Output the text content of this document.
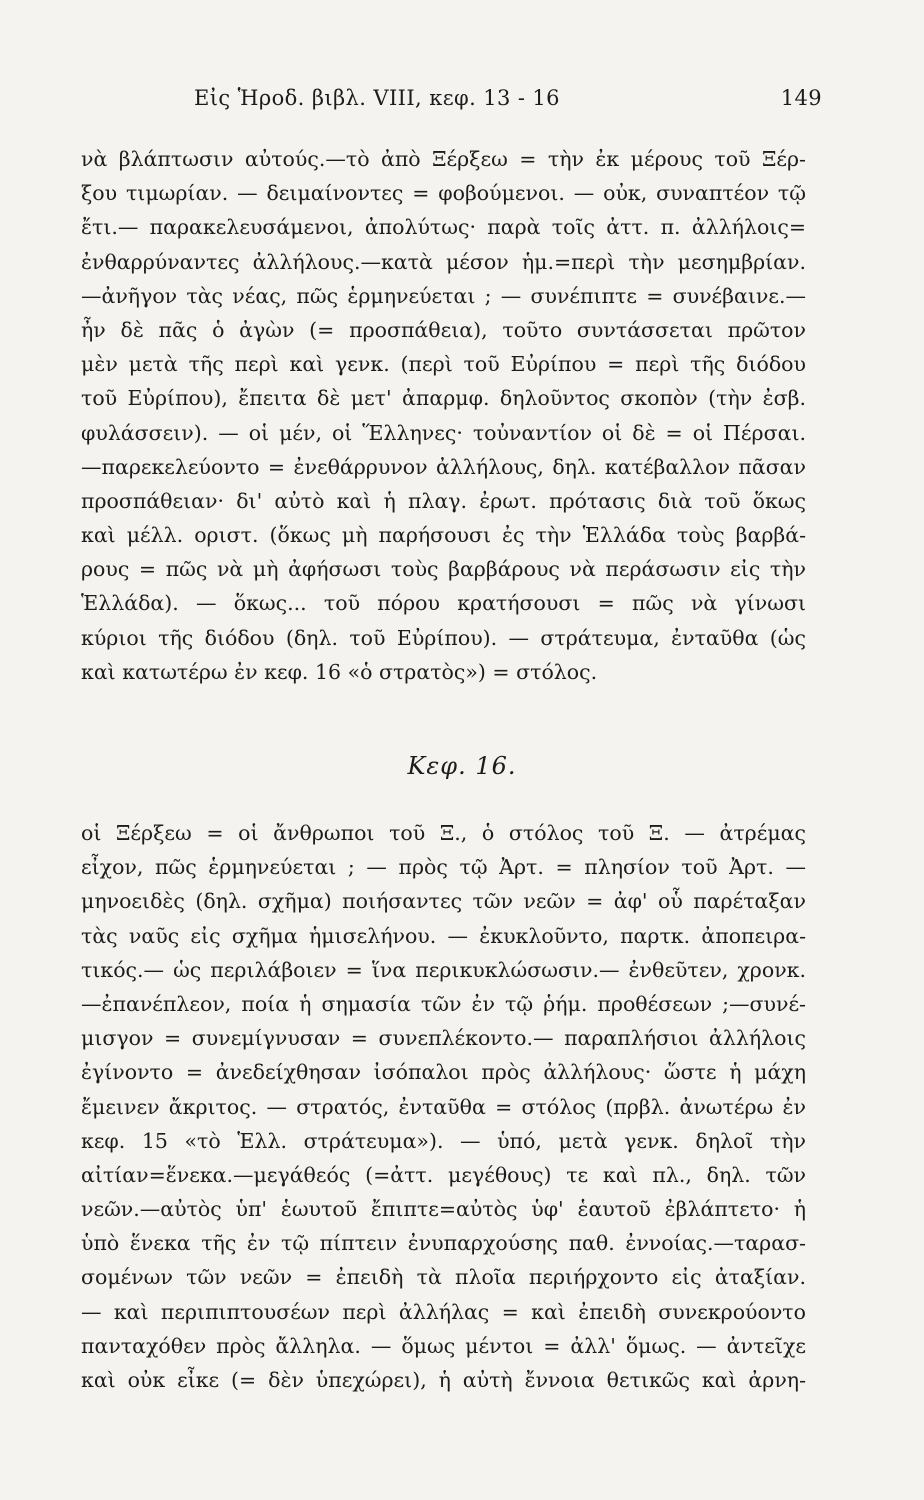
Εἰς Ἡροδ. βιβλ. VIII, κεφ. 13 - 16	149
νὰ βλάπτωσιν αὐτούς.—τὸ ἀπὸ Ξέρξεω = τὴν ἐκ μέρους τοῦ Ξέρ-
ξου τιμωρίαν. — δειμαίνοντες = φοβούμενοι. — οὐκ, συναπτέον τῷ
ἔτι.— παρακελευσάμενοι, ἀπολύτως· παρὰ τοῖς ἀττ. π. ἀλλήλοις=
ἐνθαρρύναντες ἀλλήλους.—κατὰ μέσον ἡμ.=περὶ τὴν μεσημβρίαν.
—ἀνῆγον τὰς νέας, πῶς ἑρμηνεύεται ; — συνέπιπτε = συνέβαινε.—
ἦν δὲ πᾶς ὁ ἀγὼν (= προσπάθεια), τοῦτο συντάσσεται πρῶτον
μὲν μετὰ τῆς περὶ καὶ γενκ. (περὶ τοῦ Εὐρίπου = περὶ τῆς διόδου
τοῦ Εὐρίπου), ἔπειτα δὲ μετ' ἀπαρμφ. δηλοῦντος σκοπὸν (τὴν ἐσβ.
φυλάσσειν). — οἱ μέν, οἱ Ἕλληνες· τοὐναντίον οἱ δὲ = οἱ Πέρσαι.
—παρεκελεύοντο = ἐνεθάρρυνον ἀλλήλους, δηλ. κατέβαλλον πᾶσαν
προσπάθειαν· δι' αὐτὸ καὶ ἡ πλαγ. ἐρωτ. πρότασις διὰ τοῦ ὅκως
καὶ μέλλ. οριστ. (ὅκως μὴ παρήσουσι ἐς τὴν Ἑλλάδα τοὺς βαρβά-
ρους = πῶς νὰ μὴ ἀφήσωσι τοὺς βαρβάρους νὰ περάσωσιν εἰς τὴν
Ἑλλάδα). — ὅκως... τοῦ πόρου κρατήσουσι = πῶς νὰ γίνωσι
κύριοι τῆς διόδου (δηλ. τοῦ Εὐρίπου). — στράτευμα, ἐνταῦθα (ὡς
καὶ κατωτέρω ἐν κεφ. 16 «ὁ στρατὸς») = στόλος.
Κεφ. 16.
οἱ Ξέρξεω = οἱ ἄνθρωποι τοῦ Ξ., ὁ στόλος τοῦ Ξ. — ἀτρέμας
εἶχον, πῶς ἑρμηνεύεται ; — πρὸς τῷ Ἀρτ. = πλησίον τοῦ Ἀρτ. —
μηνοειδὲς (δηλ. σχῆμα) ποιήσαντες τῶν νεῶν = ἀφ' οὗ παρέταξαν
τὰς ναῦς εἰς σχῆμα ἡμισελήνου. — ἐκυκλοῦντο, παρτκ. ἀποπειρα-
τικός.— ὡς περιλάβοιεν = ἵνα περικυκλώσωσιν.— ἐνθεῦτεν, χρονκ.
—ἐπανέπλεον, ποία ἡ σημασία τῶν ἐν τῷ ῥήμ. προθέσεων ;—συνέ-
μισγον = συνεμίγνυσαν = συνεπλέκοντο.— παραπλήσιοι ἀλλήλοις
ἐγίνοντο = ἀνεδείχθησαν ἰσόπαλοι πρὸς ἀλλήλους· ὥστε ἡ μάχη
ἔμεινεν ἄκριτος. — στρατός, ἐνταῦθα = στόλος (πρβλ. ἀνωτέρω ἐν
κεφ. 15 «τὸ Ἑλλ. στράτευμα»). — ὑπό, μετὰ γενκ. δηλοῖ τὴν
αἰτίαν=ἕνεκα.—μεγάθεός (=ἀττ. μεγέθους) τε καὶ πλ., δηλ. τῶν
νεῶν.—αὐτὸς ὑπ' ἑωυτοῦ ἔπιπτε=αὐτὸς ὑφ' ἑαυτοῦ ἐβλάπτετο· ἡ
ὑπὸ ἕνεκα τῆς ἐν τῷ πίπτειν ἐνυπαρχούσης παθ. ἐννοίας.—ταρασ-
σομένων τῶν νεῶν = ἐπειδὴ τὰ πλοῖα περιήρχοντο εἰς ἀταξίαν.
— καὶ περιπιπτουσέων περὶ ἀλλήλας = καὶ ἐπειδὴ συνεκρούοντο
πανταχόθεν πρὸς ἄλληλα. — ὅμως μέντοι = ἀλλ' ὅμως. — ἀντεῖχε
καὶ οὐκ εἶκε (= δὲν ὑπεχώρει), ἡ αὐτὴ ἔννοια θετικῶς καὶ ἀρνη-
